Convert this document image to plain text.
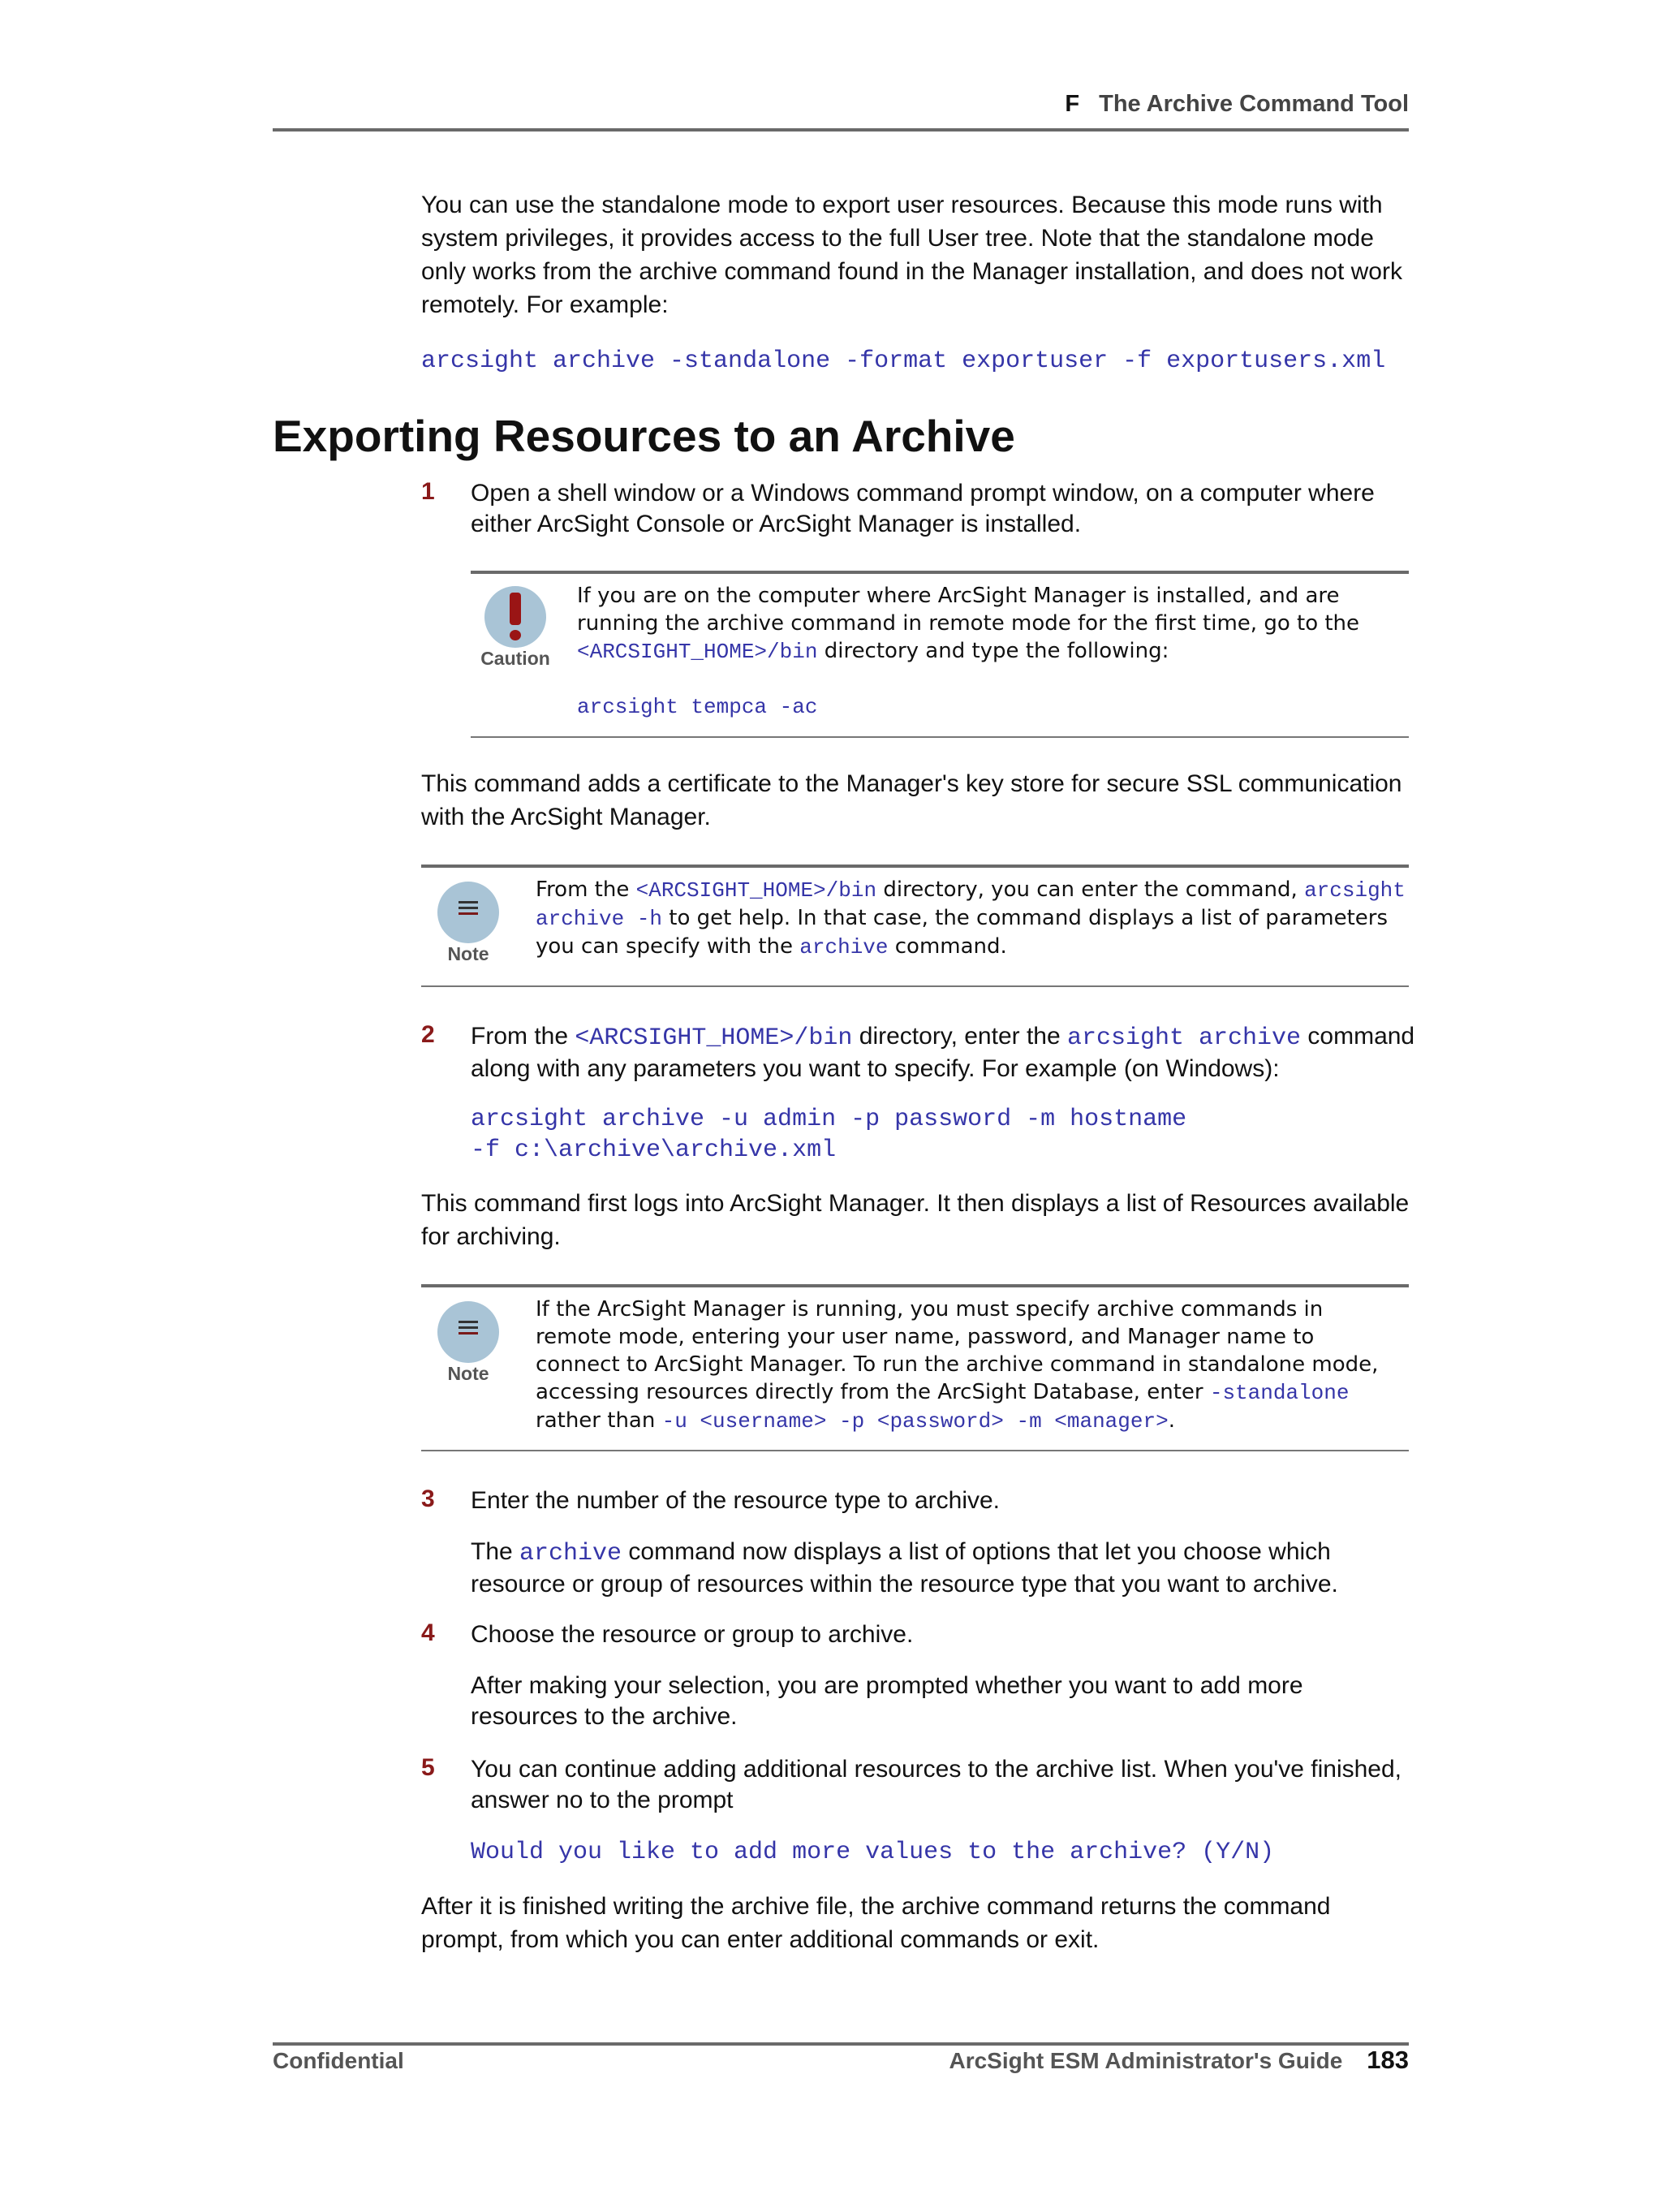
F The Archive Command Tool
You can use the standalone mode to export user resources. Because this mode runs with system privileges, it provides access to the full User tree. Note that the standalone mode only works from the archive command found in the Manager installation, and does not work remotely. For example:
arcsight archive -standalone -format exportuser -f exportusers.xml
Exporting Resources to an Archive
1 Open a shell window or a Windows command prompt window, on a computer where either ArcSight Console or ArcSight Manager is installed.
Caution
If you are on the computer where ArcSight Manager is installed, and are running the archive command in remote mode for the first time, go to the <ARCSIGHT_HOME>/bin directory and type the following:
arcsight tempca -ac
This command adds a certificate to the Manager's key store for secure SSL communication with the ArcSight Manager.
Note
From the <ARCSIGHT_HOME>/bin directory, you can enter the command, arcsight archive -h to get help. In that case, the command displays a list of parameters you can specify with the archive command.
2 From the <ARCSIGHT_HOME>/bin directory, enter the arcsight archive command along with any parameters you want to specify. For example (on Windows):
arcsight archive -u admin -p password -m hostname
-f c:\archive\archive.xml
This command first logs into ArcSight Manager. It then displays a list of Resources available for archiving.
Note
If the ArcSight Manager is running, you must specify archive commands in remote mode, entering your user name, password, and Manager name to connect to ArcSight Manager. To run the archive command in standalone mode, accessing resources directly from the ArcSight Database, enter -standalone rather than -u <username> -p <password> -m <manager>.
3 Enter the number of the resource type to archive.
The archive command now displays a list of options that let you choose which resource or group of resources within the resource type that you want to archive.
4 Choose the resource or group to archive.
After making your selection, you are prompted whether you want to add more resources to the archive.
5 You can continue adding additional resources to the archive list. When you've finished, answer no to the prompt
Would you like to add more values to the archive? (Y/N)
After it is finished writing the archive file, the archive command returns the command prompt, from which you can enter additional commands or exit.
Confidential	ArcSight ESM Administrator's Guide 183
